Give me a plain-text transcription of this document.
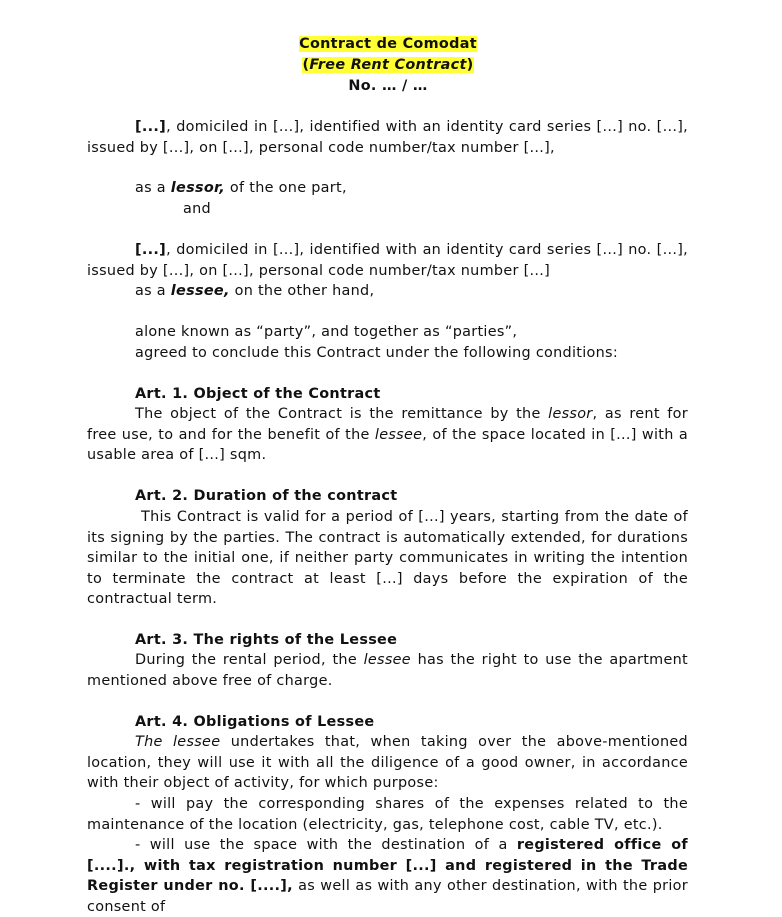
Contract de Comodat
(Free Rent Contract)
No. … / …

[...], domiciled in [...], identified with an identity card series [...] no. [...], issued by [...], on [...], personal code number/tax number [...],

as a lessor, of the one part,

and

[...], domiciled in [...], identified with an identity card series [...] no. [...], issued by [...], on [...], personal code number/tax number [...]

as a lessee, on the other hand,

alone known as “party”, and together as “parties”,

agreed to conclude this Contract under the following conditions:

Art. 1. Object of the Contract

The object of the Contract is the remittance by the lessor, as rent for free use, to and for the benefit of the lessee, of the space located in [...] with a usable area of [...] sqm.

Art. 2. Duration of the contract

This Contract is valid for a period of [...] years, starting from the date of its signing by the parties. The contract is automatically extended, for durations similar to the initial one, if neither party communicates in writing the intention to terminate the contract at least [...] days before the expiration of the contractual term.

Art. 3. The rights of the Lessee

During the rental period, the lessee has the right to use the apartment mentioned above free of charge.

Art. 4. Obligations of Lessee

The lessee undertakes that, when taking over the above-mentioned location, they will use it with all the diligence of a good owner, in accordance with their object of activity, for which purpose:

- will pay the corresponding shares of the expenses related to the maintenance of the location (electricity, gas, telephone cost, cable TV, etc.).

- will use the space with the destination of a registered office of [....]., with tax registration number [...] and registered in the Trade Register under no. [....], as well as with any other destination, with the prior consent of
